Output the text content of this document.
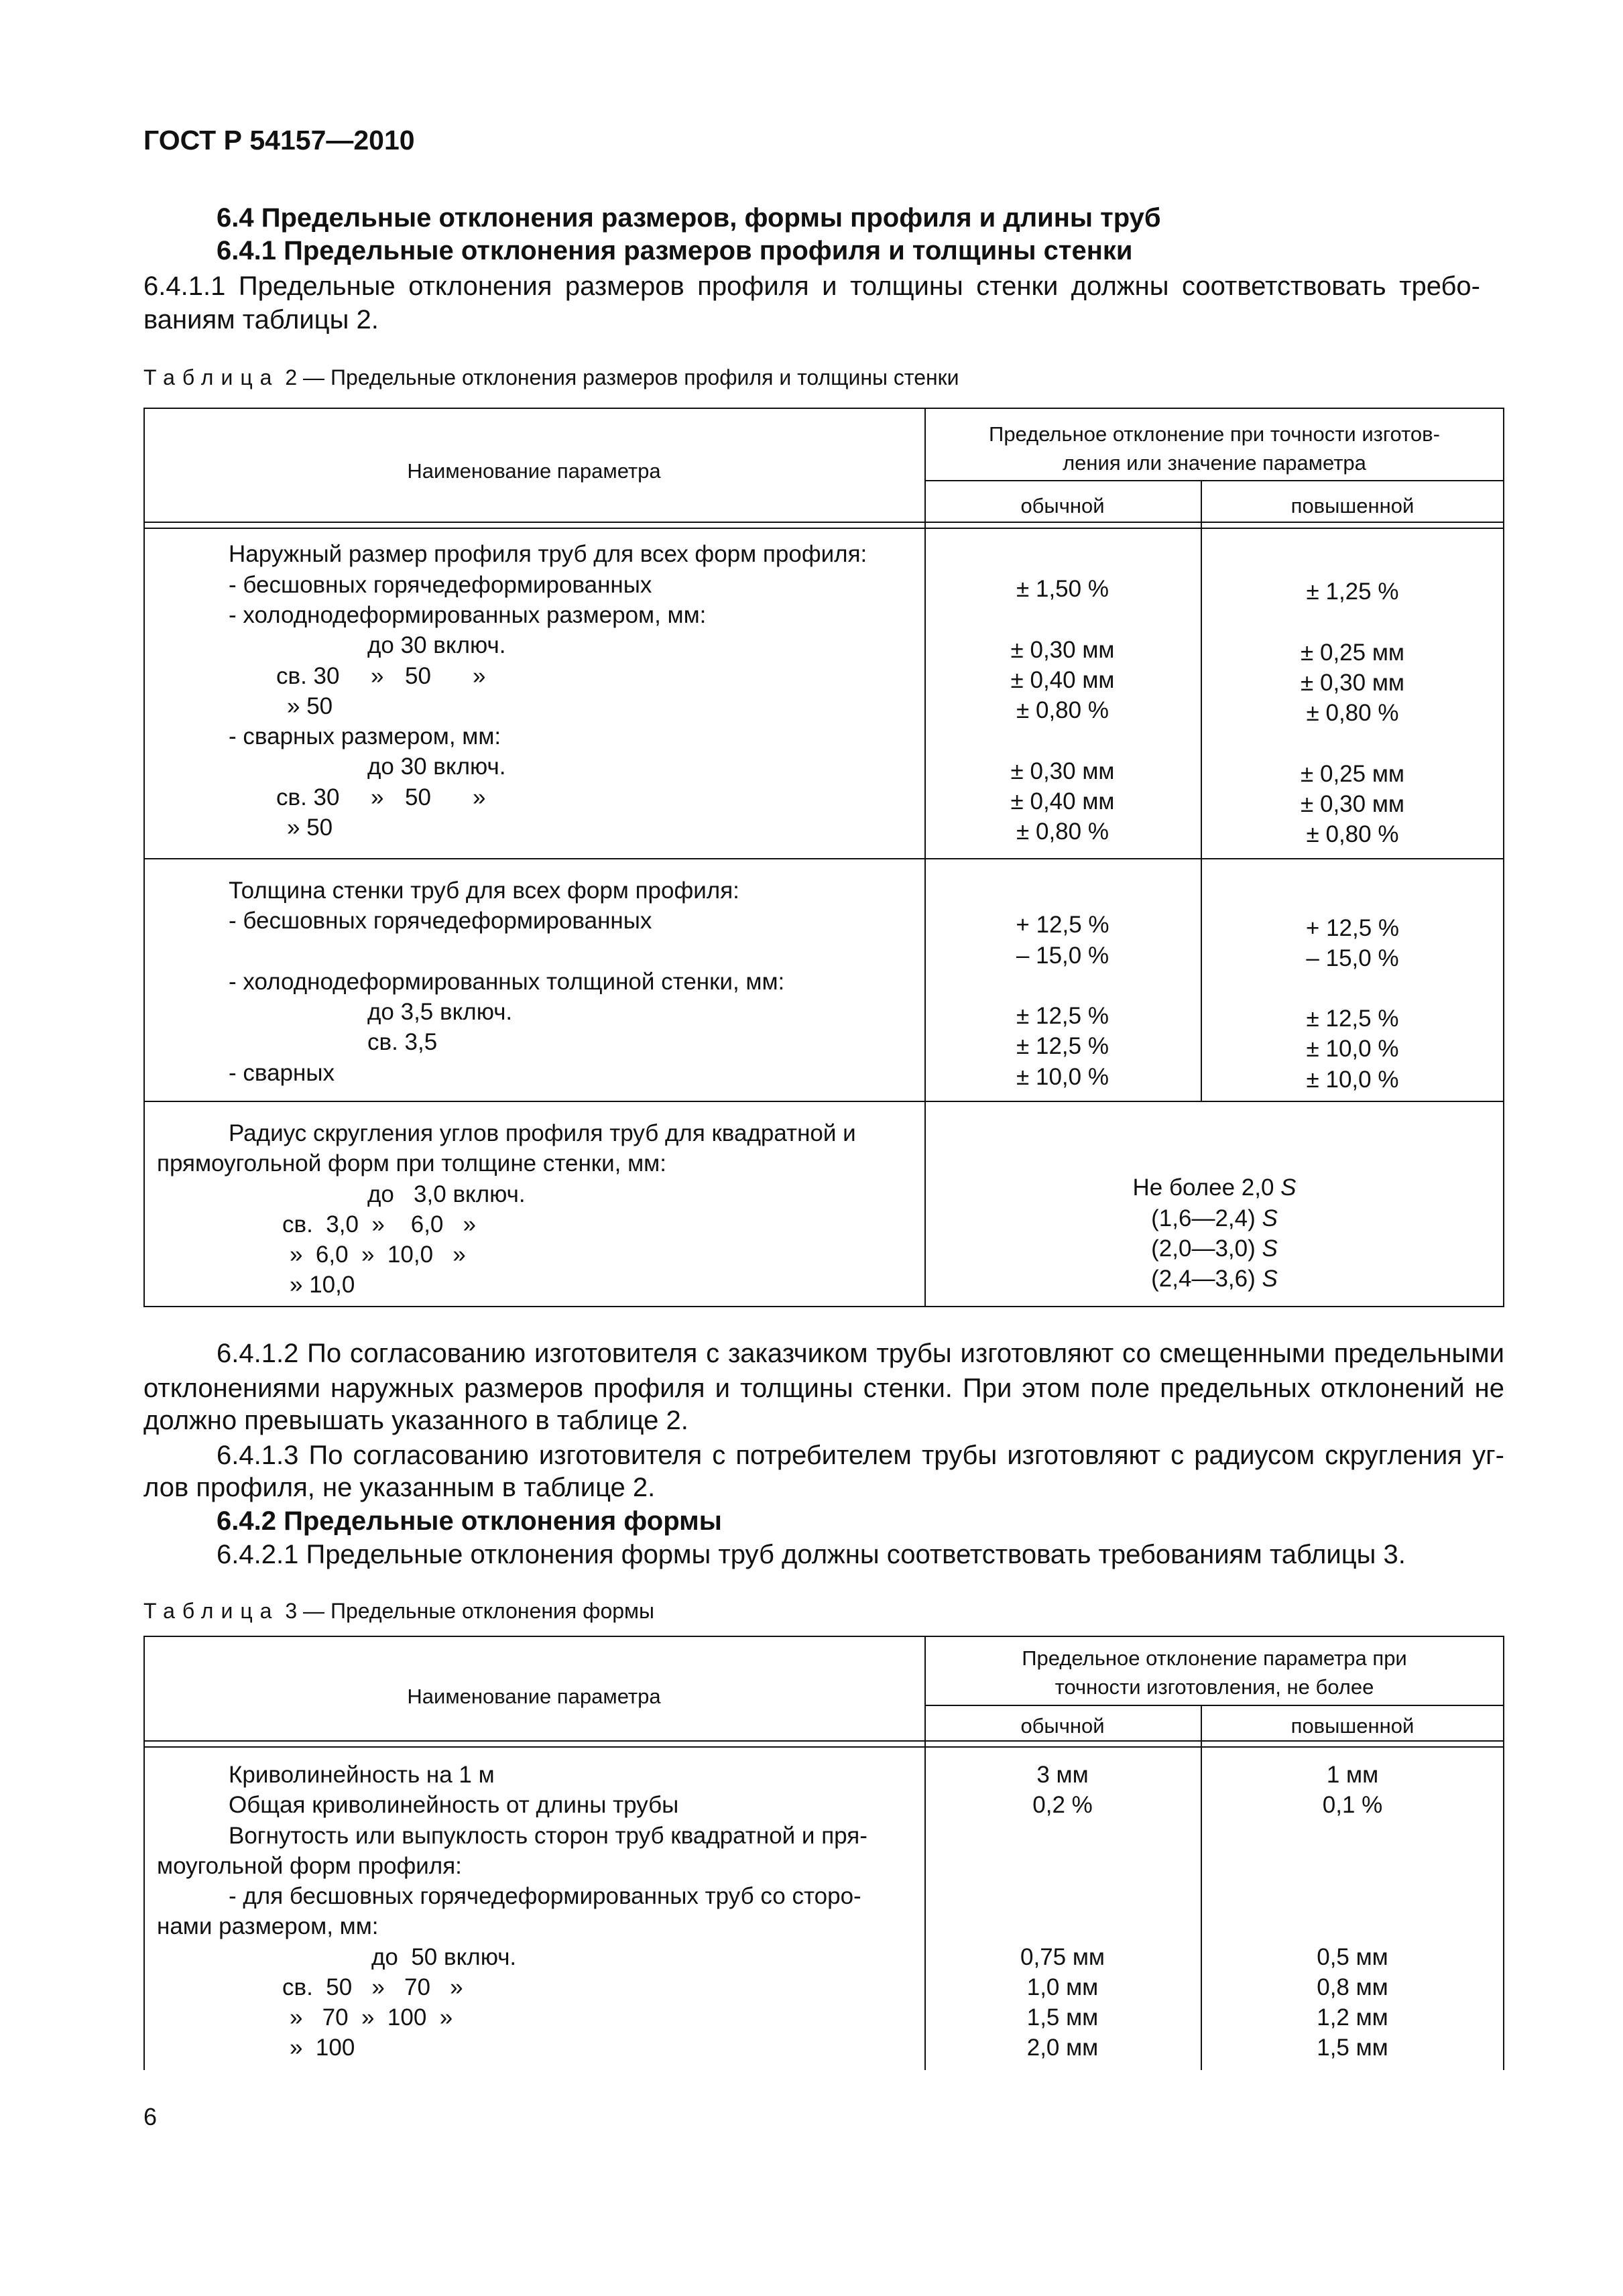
ГОСТ Р 54157—2010
6.4 Предельные отклонения размеров, формы профиля и длины труб
6.4.1 Предельные отклонения размеров профиля и толщины стенки
6.4.1.1 Предельные отклонения размеров профиля и толщины стенки должны соответствовать требо-
ваниям таблицы 2.
Таблица 2 — Предельные отклонения размеров профиля и толщины стенки
Наименование параметра
Предельное отклонение при точности изготов-
ления или значение параметра
обычной	повышенной
Наружный размер профиля труб для всех форм профиля:
- бесшовных горячедеформированных
- холоднодеформированных размером, мм:
до 30 включ.
св. 30 » 50 »
» 50
- сварных размером, мм:
до 30 включ.
св. 30 » 50 »
» 50
± 1,50 %
± 0,30 мм
± 0,40 мм
± 0,80 %
± 0,30 мм
± 0,40 мм
± 0,80 %
± 1,25 %
± 0,25 мм
± 0,30 мм
± 0,80 %
± 0,25 мм
± 0,30 мм
± 0,80 %
Толщина стенки труб для всех форм профиля:
- бесшовных горячедеформированных
- холоднодеформированных толщиной стенки, мм:
до 3,5 включ.
св. 3,5
- сварных
+ 12,5 %
– 15,0 %
± 12,5 %
± 12,5 %
± 10,0 %
+ 12,5 %
– 15,0 %
± 12,5 %
± 10,0 %
± 10,0 %
Радиус скругления углов профиля труб для квадратной и
прямоугольной форм при толщине стенки, мм:
до   3,0 включ.
св.  3,0  »    6,0   »
»  6,0  »  10,0   »
» 10,0
Не более 2,0 S
(1,6—2,4) S
(2,0—3,0) S
(2,4—3,6) S
6.4.1.2 По согласованию изготовителя с заказчиком трубы изготовляют со смещенными предельными
отклонениями наружных размеров профиля и толщины стенки. При этом поле предельных отклонений не
должно превышать указанного в таблице 2.
6.4.1.3 По согласованию изготовителя с потребителем трубы изготовляют с радиусом скругления уг-
лов профиля, не указанным в таблице 2.
6.4.2 Предельные отклонения формы
6.4.2.1 Предельные отклонения формы труб должны соответствовать требованиям таблицы 3.
Таблица 3 — Предельные отклонения формы
Наименование параметра
Предельное отклонение параметра при
точности изготовления, не более
обычной	повышенной
Криволинейность на 1 м
Общая криволинейность от длины трубы
Вогнутость или выпуклость сторон труб квадратной и пря-
моугольной форм профиля:
- для бесшовных горячедеформированных труб со сторо-
нами размером, мм:
до  50 включ.
св.  50   »   70   »
»   70  »  100  »
»  100
3 мм
0,2 %
0,75 мм
1,0 мм
1,5 мм
2,0 мм
1 мм
0,1 %
0,5 мм
0,8 мм
1,2 мм
1,5 мм
6
